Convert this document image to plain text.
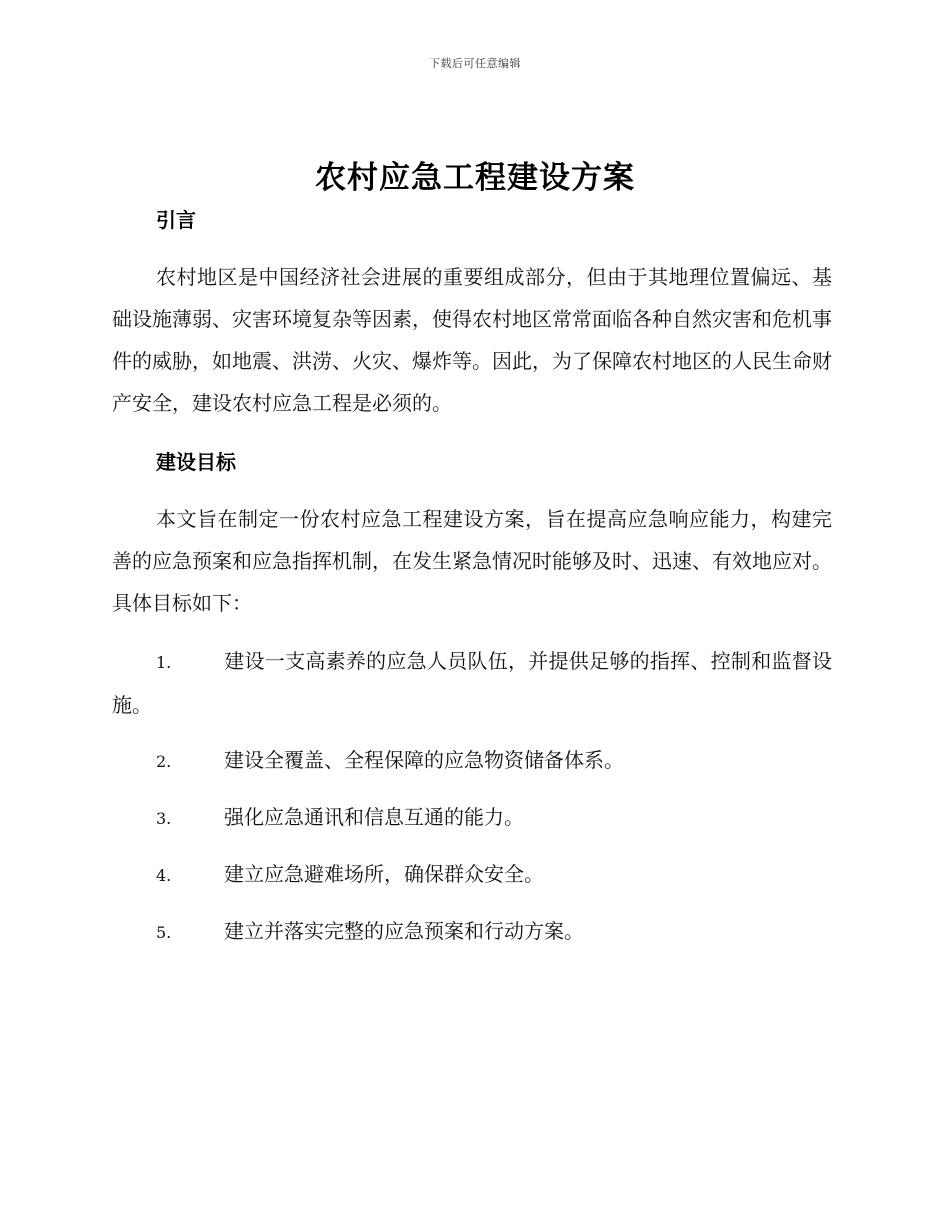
下载后可任意编辑
农村应急工程建设方案
引言

农村地区是中国经济社会进展的重要组成部分，但由于其地理位置偏远、基础设施薄弱、灾害环境复杂等因素，使得农村地区常常面临各种自然灾害和危机事件的威胁，如地震、洪涝、火灾、爆炸等。因此，为了保障农村地区的人民生命财产安全，建设农村应急工程是必须的。

建设目标

本文旨在制定一份农村应急工程建设方案，旨在提高应急响应能力，构建完善的应急预案和应急指挥机制，在发生紧急情况时能够及时、迅速、有效地应对。具体目标如下：

1.	建设一支高素养的应急人员队伍，并提供足够的指挥、控制和监督设施。

2.	建设全覆盖、全程保障的应急物资储备体系。

3.	强化应急通讯和信息互通的能力。

4.	建立应急避难场所，确保群众安全。

5.	建立并落实完整的应急预案和行动方案。
